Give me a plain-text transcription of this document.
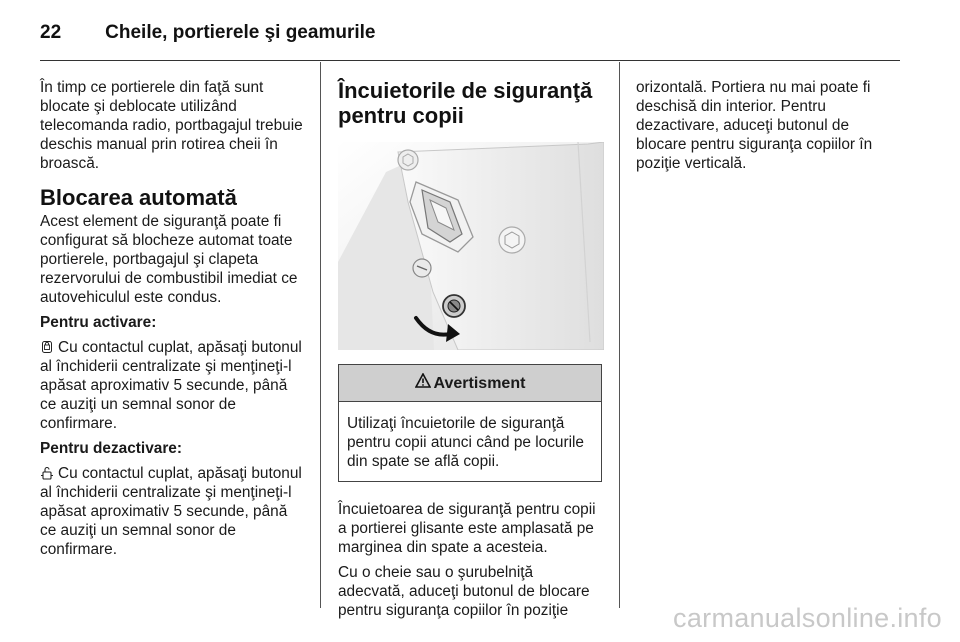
22 Cheile, portierele şi geamurile

În timp ce portierele din faţă sunt blocate şi deblocate utilizând telecomanda radio, portbagajul trebuie deschis manual prin rotirea cheii în broască.

Blocarea automată

Acest element de siguranţă poate fi configurat să blocheze automat toate portierele, portbagajul şi clapeta rezervorului de combustibil imediat ce autovehiculul este condus.

Pentru activare:

Cu contactul cuplat, apăsaţi butonul al închiderii centralizate şi menţineţi-l apăsat aproximativ 5 secunde, până ce auziţi un semnal sonor de confirmare.

Pentru dezactivare:

Cu contactul cuplat, apăsaţi butonul al închiderii centralizate şi menţineţi-l apăsat aproximativ 5 secunde, până ce auziţi un semnal sonor de confirmare.

Încuietorile de siguranţă pentru copii
Avertisment
Utilizaţi încuietorile de siguranţă pentru copii atunci când pe locurile din spate se află copii.

Încuietoarea de siguranţă pentru copii a portierei glisante este amplasată pe marginea din spate a acesteia.

Cu o cheie sau o şurubelniţă adecvată, aduceţi butonul de blocare pentru siguranţa copiilor în poziţie

orizontală. Portiera nu mai poate fi deschisă din interior. Pentru dezactivare, aduceţi butonul de blocare pentru siguranţa copiilor în poziţie verticală.

carmanualsonline.info
